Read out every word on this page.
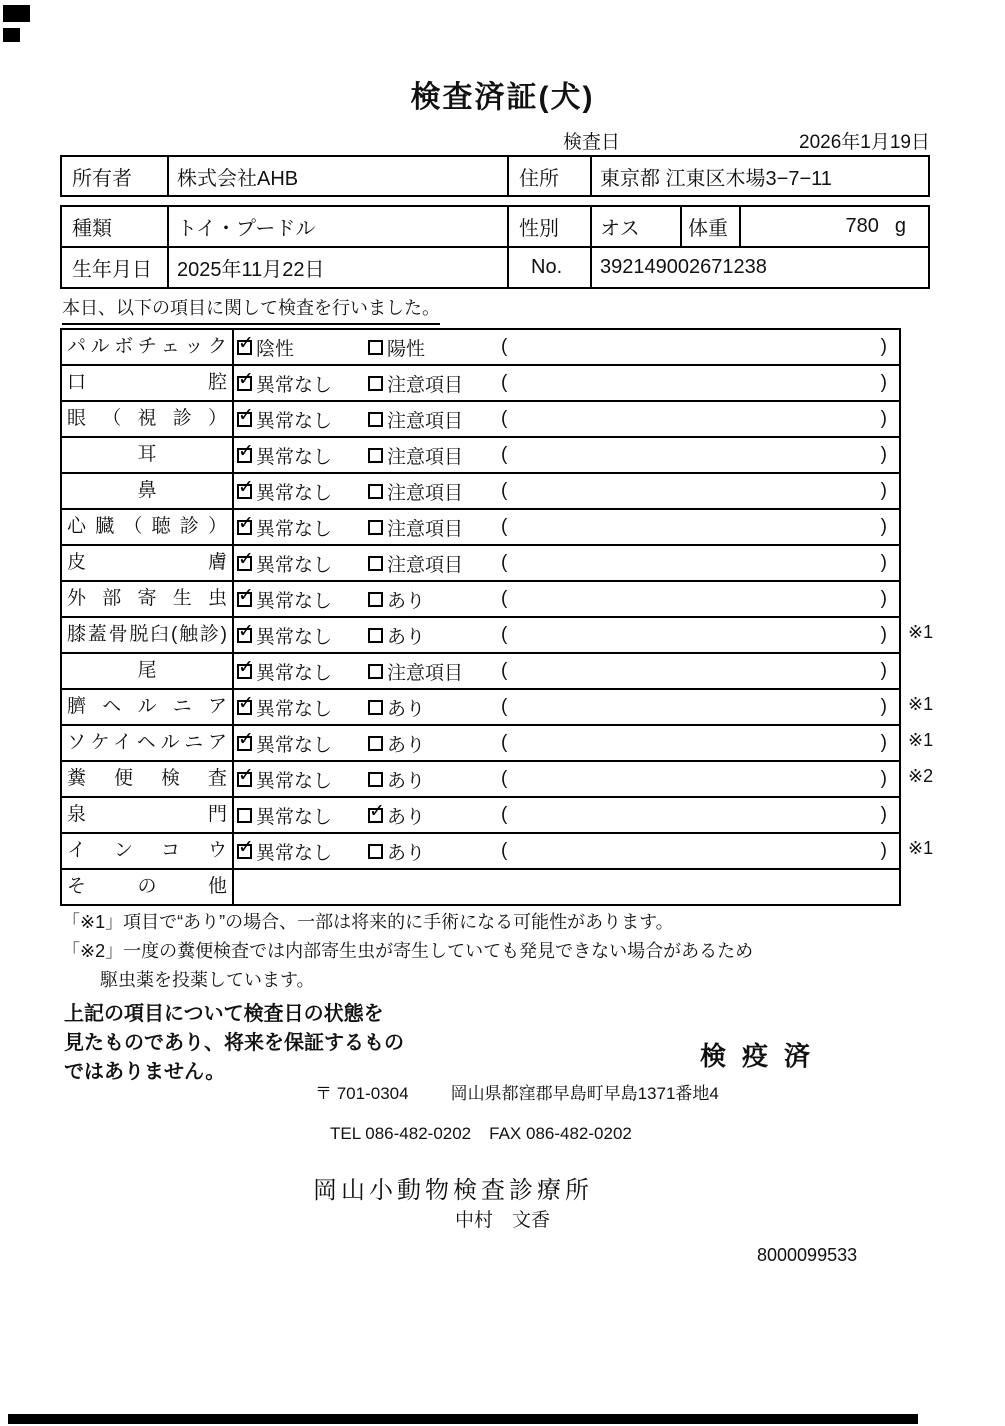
検査済証(犬)
検査日	2026年1月19日
所有者	株式会社AHB	住所	東京都 江東区木場3−7−11
種類	トイ・プードル	性別	オス	体重	780 g
生年月日	2025年11月22日	No.	392149002671238
本日、以下の項目に関して検査を行いました。
パルボチェック ✓	陰性	陽性	(	)
口腔 ✓	異常なし	注意項目 (	)
眼（視診） ✓	異常なし	注意項目 (	)
耳 ✓	異常なし	注意項目 (	)
鼻 ✓	異常なし	注意項目 (	)
心臓（聴診） ✓	異常なし	注意項目 (	)
皮膚 ✓	異常なし	注意項目 (	)
外部寄生虫 ✓	異常なし	あり	(	)
膝蓋骨脱臼(触診) ✓	異常なし	あり	(	) ※1
尾 ✓	異常なし	注意項目 (	)
臍ヘルニア ✓	異常なし	あり	(	) ※1
ソケイヘルニア ✓	異常なし	あり	(	) ※1
糞便検査 ✓	異常なし	あり	(	) ※2
泉門	異常なし ✓	あり	(	)
インコウ ✓	異常なし	あり	(	) ※1
その他
「※1」項目で“あり”の場合、一部は将来的に手術になる可能性があります。
「※2」一度の糞便検査では内部寄生虫が寄生していても発見できない場合があるため
駆虫薬を投薬しています。
上記の項目について検査日の状態を
見たものであり、将来を保証するもの
ではありません。
検疫済
〒 701-0304 岡山県都窪郡早島町早島1371番地4
TEL 086-482-0202 FAX 086-482-0202
岡山小動物検査診療所
中村　文香
8000099533
